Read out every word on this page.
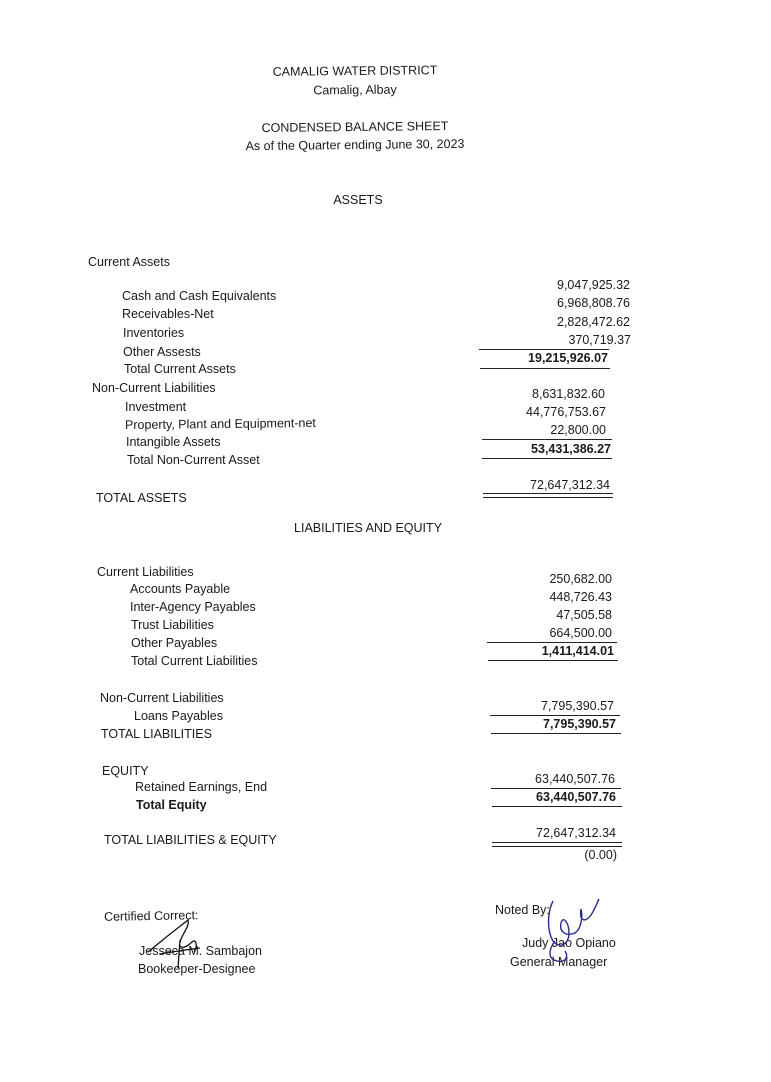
CAMALIG WATER DISTRICT
Camalig, Albay
CONDENSED BALANCE SHEET
As of the Quarter ending June 30, 2023
ASSETS
Current Assets
Cash and Cash Equivalents
Receivables-Net
Inventories
Other Assests
Total Current Assets
9,047,925.32
6,968,808.76
2,828,472.62
370,719.37
19,215,926.07
Non-Current Liabilities
Investment
Property, Plant and Equipment-net
Intangible Assets
Total Non-Current Asset
8,631,832.60
44,776,753.67
22,800.00
53,431,386.27
TOTAL ASSETS
72,647,312.34
LIABILITIES AND EQUITY
Current Liabilities
Accounts Payable
Inter-Agency Payables
Trust Liabilities
Other Payables
Total Current Liabilities
250,682.00
448,726.43
47,505.58
664,500.00
1,411,414.01
Non-Current Liabilities
Loans Payables
TOTAL LIABILITIES
7,795,390.57
7,795,390.57
EQUITY
Retained Earnings, End
Total Equity
63,440,507.76
63,440,507.76
TOTAL LIABILITIES & EQUITY	72,647,312.34
(0.00)
Certified Correct:
Jesseca M. Sambajon
Bookeeper-Designee
Noted By:
Judy Jao Opiano
General Manager
